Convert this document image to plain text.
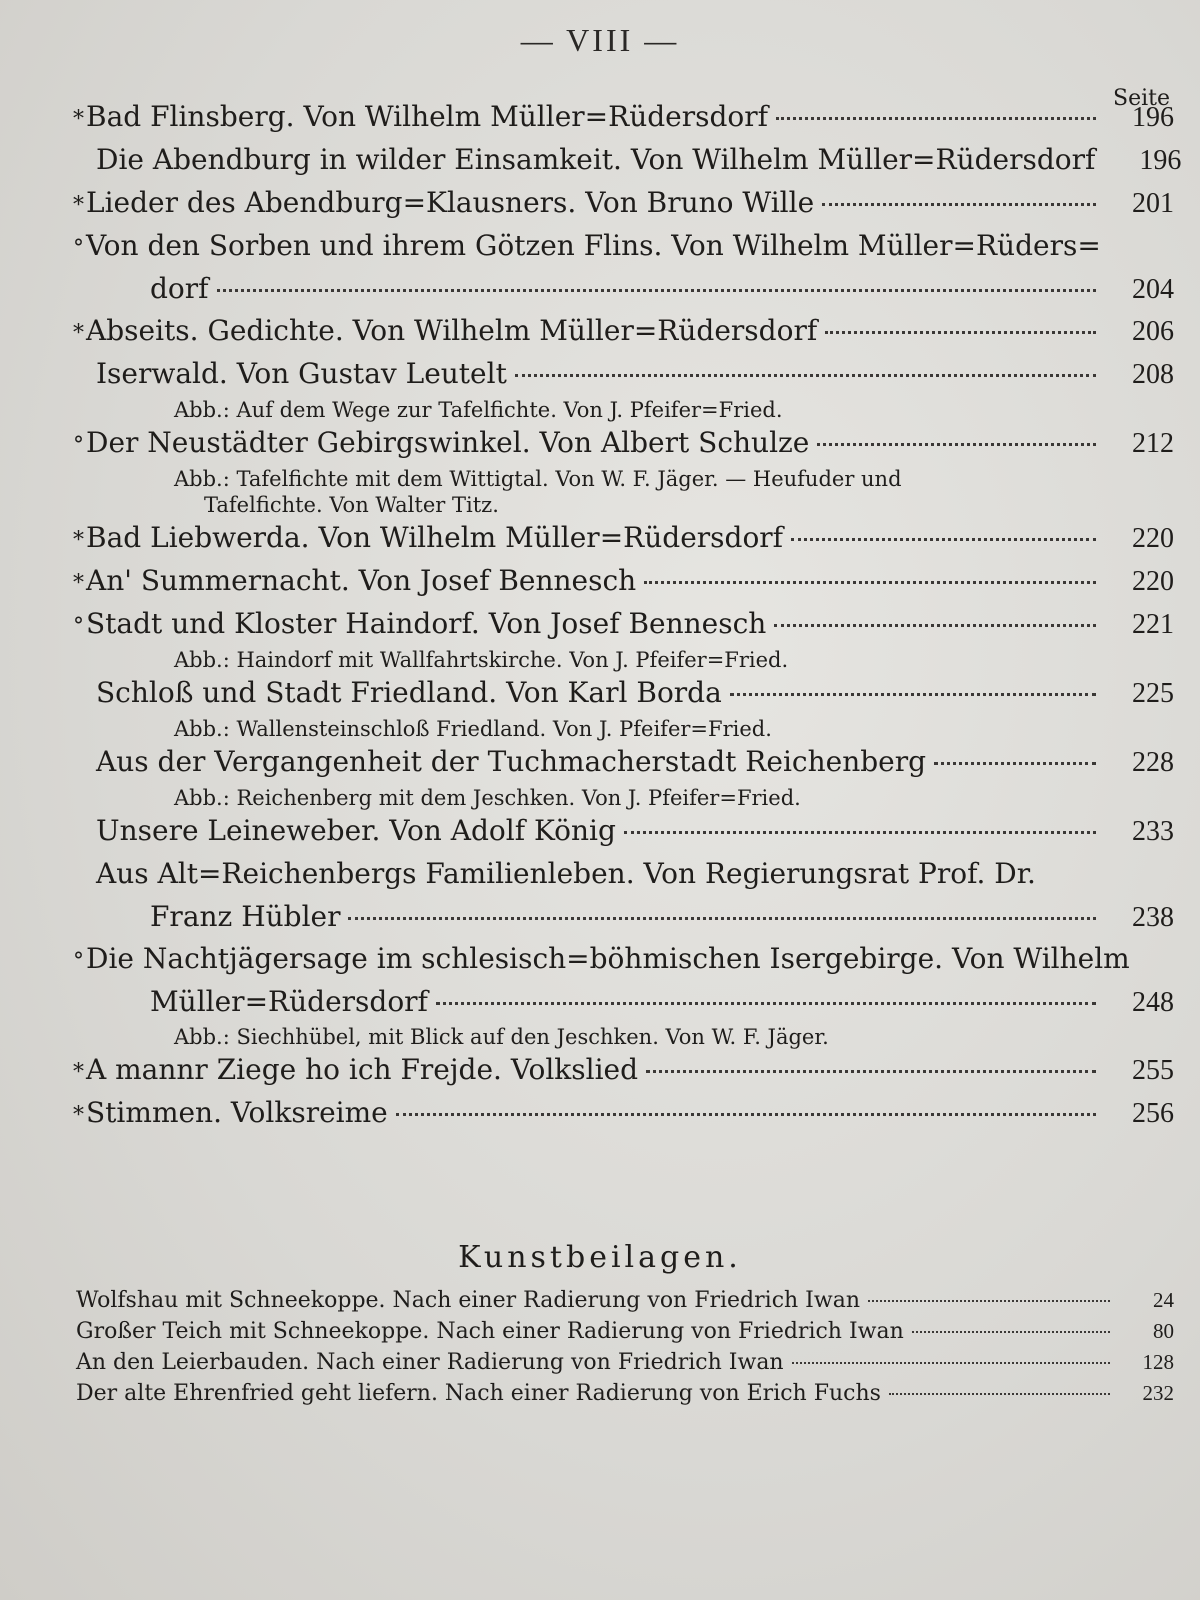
— VIII —
Seite
* Bad Flinsberg. Von Wilhelm Müller=Rüdersdorf	196
Die Abendburg in wilder Einsamkeit. Von Wilhelm Müller=Rüdersdorf	196
* Lieder des Abendburg=Klausners. Von Bruno Wille	201
° Von den Sorben und ihrem Götzen Flins. Von Wilhelm Müller=Rüders=
dorf	204
* Abseits. Gedichte. Von Wilhelm Müller=Rüdersdorf	206
Iserwald. Von Gustav Leutelt	208
Abb.: Auf dem Wege zur Tafelfichte. Von J. Pfeifer=Fried.
° Der Neustädter Gebirgswinkel. Von Albert Schulze	212
Abb.: Tafelfichte mit dem Wittigtal. Von W. F. Jäger. — Heufuder und
Tafelfichte. Von Walter Titz.
* Bad Liebwerda. Von Wilhelm Müller=Rüdersdorf	220
* An' Summernacht. Von Josef Bennesch	220
° Stadt und Kloster Haindorf. Von Josef Bennesch	221
Abb.: Haindorf mit Wallfahrtskirche. Von J. Pfeifer=Fried.
Schloß und Stadt Friedland. Von Karl Borda	225
Abb.: Wallensteinschloß Friedland. Von J. Pfeifer=Fried.
Aus der Vergangenheit der Tuchmacherstadt Reichenberg	228
Abb.: Reichenberg mit dem Jeschken. Von J. Pfeifer=Fried.
Unsere Leineweber. Von Adolf König	233
Aus Alt=Reichenbergs Familienleben. Von Regierungsrat Prof. Dr.
Franz Hübler	238
° Die Nachtjägersage im schlesisch=böhmischen Isergebirge. Von Wilhelm
Müller=Rüdersdorf	248
Abb.: Siechhübel, mit Blick auf den Jeschken. Von W. F. Jäger.
* A mannr Ziege ho ich Frejde. Volkslied	255
* Stimmen. Volksreime	256
Kunstbeilagen.
Wolfshau mit Schneekoppe. Nach einer Radierung von Friedrich Iwan	24
Großer Teich mit Schneekoppe. Nach einer Radierung von Friedrich Iwan	80
An den Leierbauden. Nach einer Radierung von Friedrich Iwan	128
Der alte Ehrenfried geht liefern. Nach einer Radierung von Erich Fuchs	232
